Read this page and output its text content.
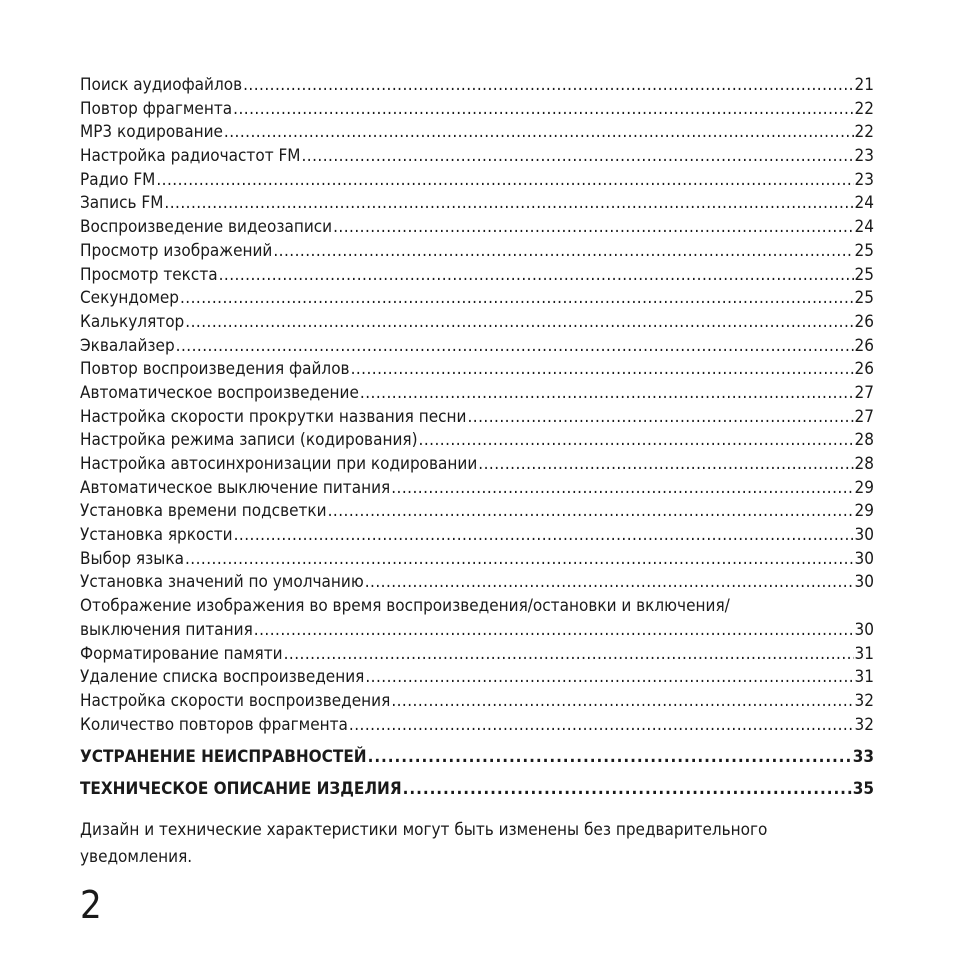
Поиск аудиофайлов . . .	21
Повтор фрагмента . . .	22
MP3 кодирование . . .	22
Настройка радиочастот FM . . .	23
Радио FM . . .	23
Запись FM . . .	24
Воспроизведение видеозаписи . . .	24
Просмотр изображений . . .	25
Просмотр текста . . .	25
Секундомер . . .	25
Калькулятор . . .	26
Эквалайзер . . .	26
Повтор воспроизведения файлов . . .	26
Автоматическое воспроизведение . . .	27
Настройка скорости прокрутки названия песни . . .	27
Настройка режима записи (кодирования) . . .	28
Настройка автосинхронизации при кодировании . . .	28
Автоматическое выключение питания . . .	29
Установка времени подсветки . . .	29
Установка яркости . . .	30
Выбор языка . . .	30
Установка значений по умолчанию . . .	30
Отображение изображения во время воспроизведения/остановки и включения/
выключения питания . . .	30
Форматирование памяти . . .	31
Удаление списка воспроизведения . . .	31
Настройка скорости воспроизведения . . .	32
Количество повторов фрагмента . . .	32
УСТРАНЕНИЕ НЕИСПРАВНОСТЕЙ . . .	33
ТЕХНИЧЕСКОЕ ОПИСАНИЕ ИЗДЕЛИЯ . . .	35
Дизайн и технические характеристики могут быть изменены без предварительного уведомления.
2
